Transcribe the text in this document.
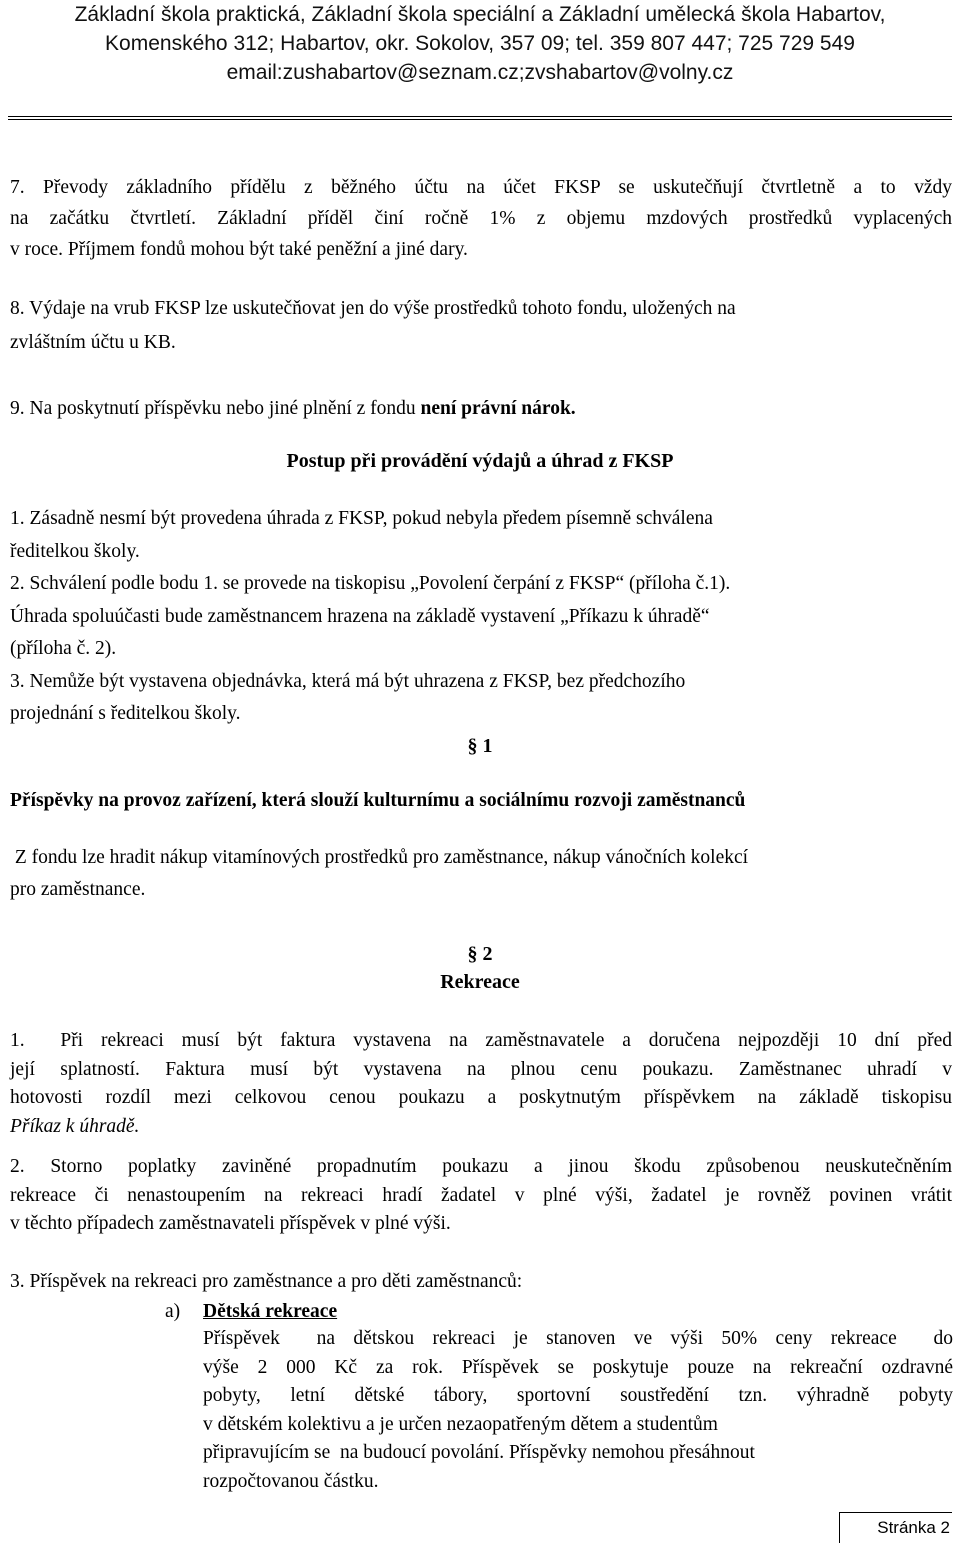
Základní škola praktická, Základní škola speciální a Základní umělecká škola Habartov,
Komenského 312; Habartov, okr. Sokolov, 357 09; tel. 359 807 447; 725 729 549
email:zushabartov@seznam.cz;zvshabartov@volny.cz
7. Převody základního přídělu z běžného účtu na účet FKSP se uskutečňují čtvrtletně a to vždy
na začátku čtvrtletí. Základní příděl činí ročně 1% z objemu mzdových prostředků vyplacených
v roce. Příjmem fondů mohou být také peněžní a jiné dary.
8. Výdaje na vrub FKSP lze uskutečňovat jen do výše prostředků tohoto fondu, uložených na
zvláštním účtu u KB.
9. Na poskytnutí příspěvku nebo jiné plnění z fondu není právní nárok.
Postup při provádění výdajů a úhrad z FKSP
1. Zásadně nesmí být provedena úhrada z FKSP, pokud nebyla předem písemně schválena
ředitelkou školy.
2. Schválení podle bodu 1. se provede na tiskopisu „Povolení čerpání z FKSP“ (příloha č.1).
Úhrada spoluúčasti bude zaměstnancem hrazena na základě vystavení „Příkazu k úhradě“
(příloha č. 2).
3. Nemůže být vystavena objednávka, která má být uhrazena z FKSP, bez předchozího
projednání s ředitelkou školy.
§ 1
Příspěvky na provoz zařízení, která slouží kulturnímu a sociálnímu rozvoji zaměstnanců
Z fondu lze hradit nákup vitamínových prostředků pro zaměstnance, nákup vánočních kolekcí
pro zaměstnance.
§ 2
Rekreace
1.  Při rekreaci musí být faktura vystavena na zaměstnavatele a doručena nejpozději 10 dní před
její splatností. Faktura musí být vystavena na plnou cenu poukazu. Zaměstnanec uhradí v
hotovosti rozdíl mezi celkovou cenou poukazu a poskytnutým příspěvkem na základě tiskopisu
Příkaz k úhradě.
2. Storno poplatky zaviněné propadnutím poukazu a jinou škodu způsobenou neuskutečněním
rekreace či nenastoupením na rekreaci hradí žadatel v plné výši, žadatel je rovněž povinen vrátit
v těchto případech zaměstnavateli příspěvek v plné výši.
3. Příspěvek na rekreaci pro zaměstnance a pro děti zaměstnanců:
a)	Dětská rekreace
Příspěvek  na dětskou rekreaci je stanoven ve výši 50% ceny rekreace  do
výše 2 000 Kč za rok. Příspěvek se poskytuje pouze na rekreační ozdravné
pobyty, letní dětské tábory, sportovní soustředění tzn. výhradně pobyty
v dětském kolektivu a je určen nezaopatřeným dětem a studentům
připravujícím se  na budoucí povolání. Příspěvky nemohou přesáhnout
rozpočtovanou částku.
Stránka 2
